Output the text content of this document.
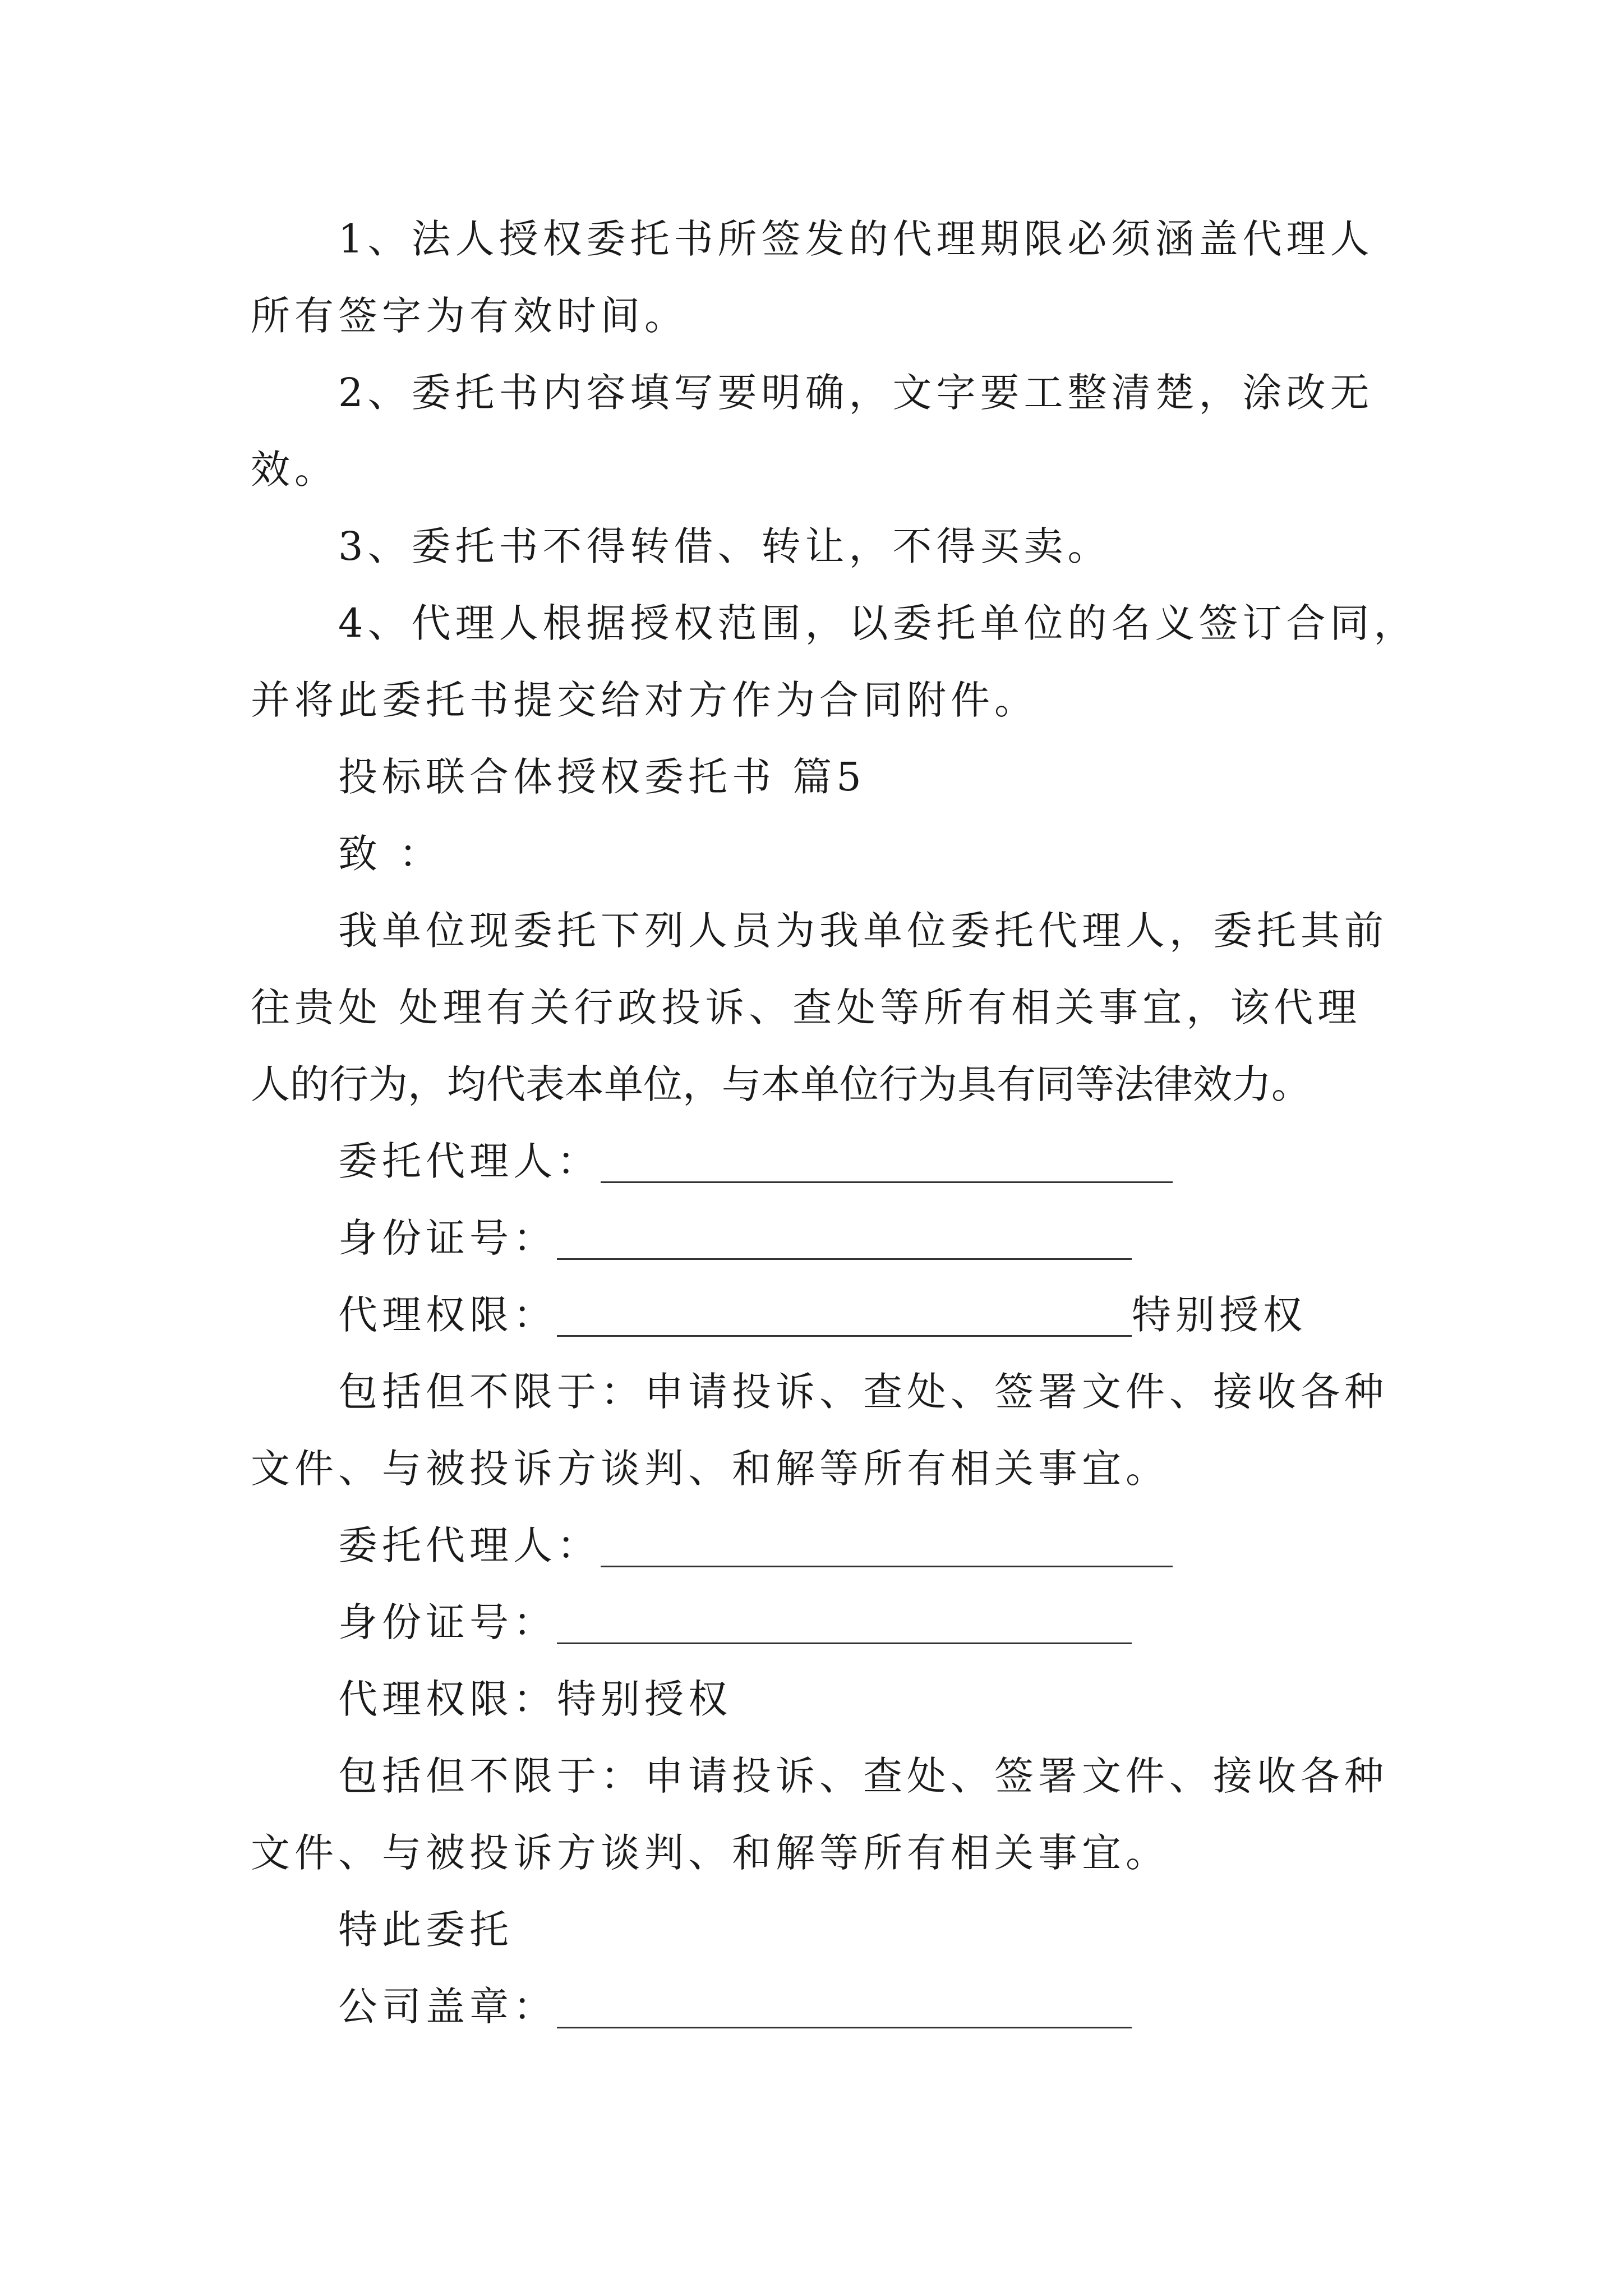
1、法人授权委托书所签发的代理期限必须涵盖代理人
所有签字为有效时间。
2、委托书内容填写要明确，文字要工整清楚，涂改无
效。
3、委托书不得转借、转让，不得买卖。
4、代理人根据授权范围，以委托单位的名义签订合同，
并将此委托书提交给对方作为合同附件。
投标联合体授权委托书 篇5
致 ：
我单位现委托下列人员为我单位委托代理人，委托其前
往贵处 处理有关行政投诉、查处等所有相关事宜，该代理
人的行为，均代表本单位，与本单位行为具有同等法律效力。
委托代理人：
身份证号：
代理权限：	特别授权
包括但不限于：申请投诉、查处、签署文件、接收各种
文件、与被投诉方谈判、和解等所有相关事宜。
委托代理人：
身份证号：
代理权限：特别授权
包括但不限于：申请投诉、查处、签署文件、接收各种
文件、与被投诉方谈判、和解等所有相关事宜。
特此委托
公司盖章：
